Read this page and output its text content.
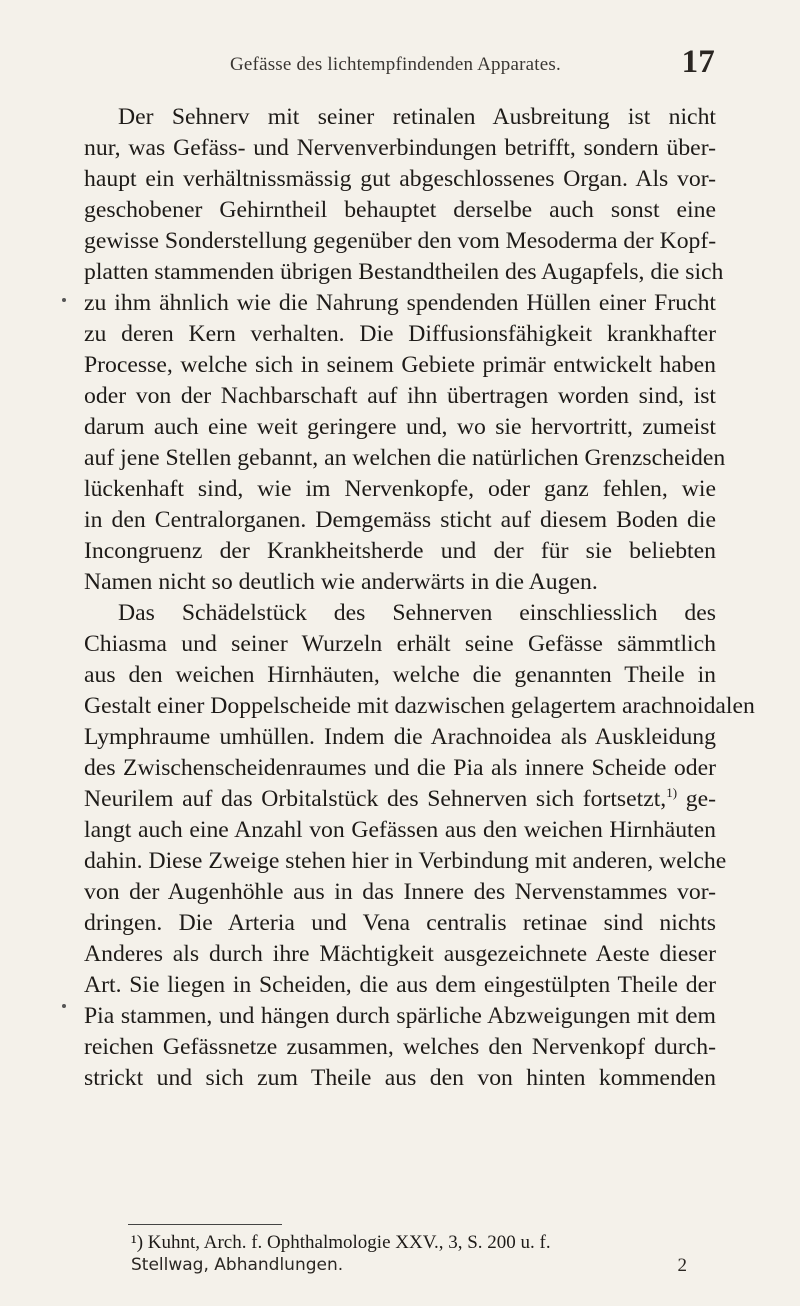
Gefässe des lichtempfindenden Apparates.	17
Der Sehnerv mit seiner retinalen Ausbreitung ist nicht
nur, was Gefäss- und Nervenverbindungen betrifft, sondern über-
haupt ein verhältnissmässig gut abgeschlossenes Organ. Als vor-
geschobener Gehirntheil behauptet derselbe auch sonst eine
gewisse Sonderstellung gegenüber den vom Mesoderma der Kopf-
platten stammenden übrigen Bestandtheilen des Augapfels, die sich
zu ihm ähnlich wie die Nahrung spendenden Hüllen einer Frucht
zu deren Kern verhalten. Die Diffusionsfähigkeit krankhafter
Processe, welche sich in seinem Gebiete primär entwickelt haben
oder von der Nachbarschaft auf ihn übertragen worden sind, ist
darum auch eine weit geringere und, wo sie hervortritt, zumeist
auf jene Stellen gebannt, an welchen die natürlichen Grenzscheiden
lückenhaft sind, wie im Nervenkopfe, oder ganz fehlen, wie
in den Centralorganen. Demgemäss sticht auf diesem Boden die
Incongruenz der Krankheitsherde und der für sie beliebten
Namen nicht so deutlich wie anderwärts in die Augen.
Das Schädelstück des Sehnerven einschliesslich des
Chiasma und seiner Wurzeln erhält seine Gefässe sämmtlich
aus den weichen Hirnhäuten, welche die genannten Theile in
Gestalt einer Doppelscheide mit dazwischen gelagertem arachnoidalen
Lymphraume umhüllen. Indem die Arachnoidea als Auskleidung
des Zwischenscheidenraumes und die Pia als innere Scheide oder
Neurilem auf das Orbitalstück des Sehnerven sich fortsetzt,$^{1)}$ ge-
langt auch eine Anzahl von Gefässen aus den weichen Hirnhäuten
dahin. Diese Zweige stehen hier in Verbindung mit anderen, welche
von der Augenhöhle aus in das Innere des Nervenstammes vor-
dringen. Die Arteria und Vena centralis retinae sind nichts
Anderes als durch ihre Mächtigkeit ausgezeichnete Aeste dieser
Art. Sie liegen in Scheiden, die aus dem eingestülpten Theile der
Pia stammen, und hängen durch spärliche Abzweigungen mit dem
reichen Gefässnetze zusammen, welches den Nervenkopf durch-
strickt und sich zum Theile aus den von hinten kommenden
¹) Kuhnt, Arch. f. Ophthalmologie XXV., 3, S. 200 u. f.
Stellwag, Abhandlungen.	2
